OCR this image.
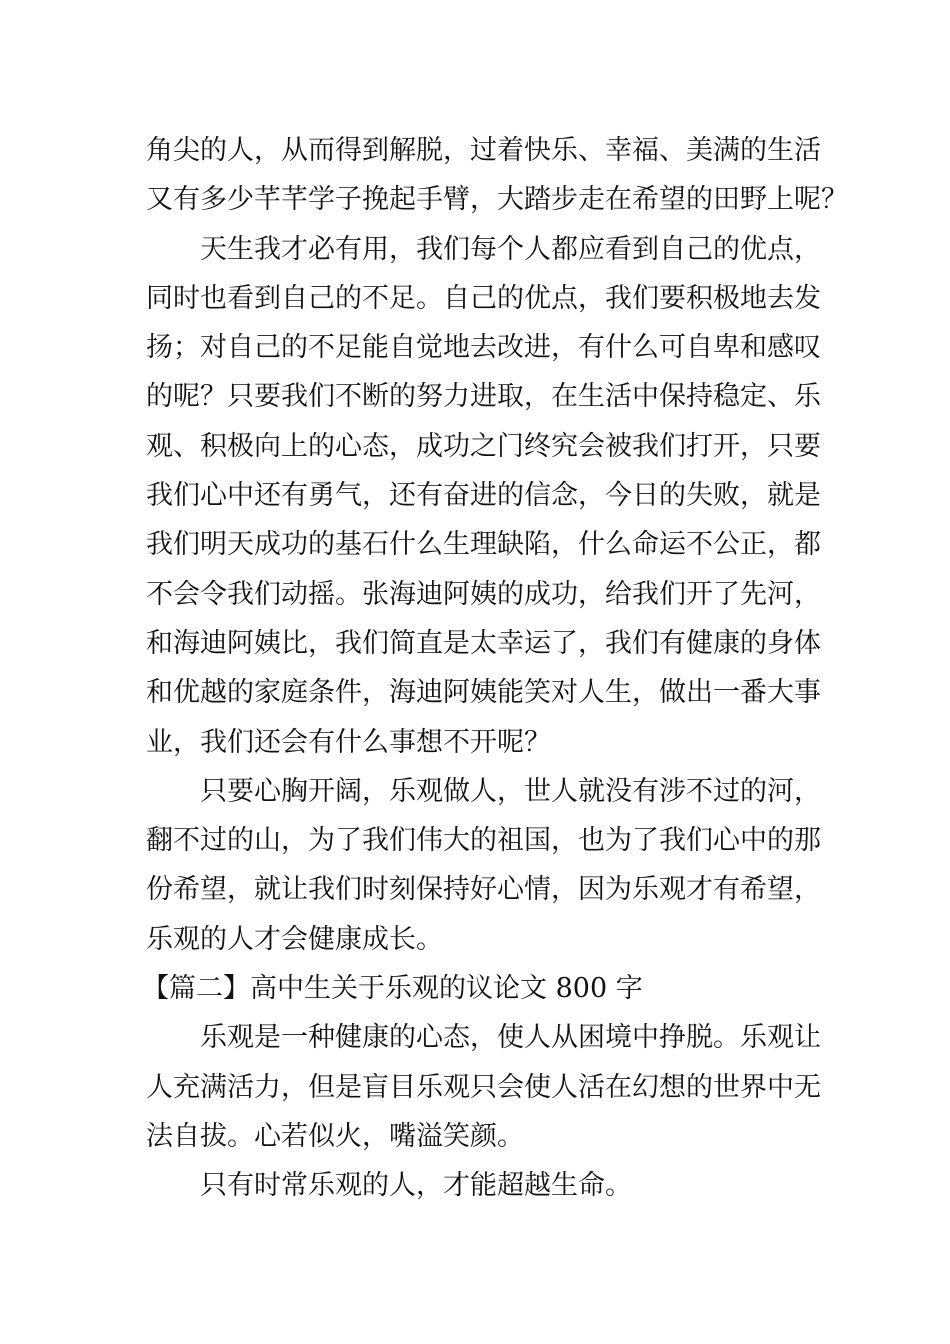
角尖的人，从而得到解脱，过着快乐、幸福、美满的生活
又有多少芊芊学子挽起手臂，大踏步走在希望的田野上呢？
天生我才必有用，我们每个人都应看到自己的优点，
同时也看到自己的不足。自己的优点，我们要积极地去发
扬；对自己的不足能自觉地去改进，有什么可自卑和感叹
的呢？只要我们不断的努力进取，在生活中保持稳定、乐
观、积极向上的心态，成功之门终究会被我们打开，只要
我们心中还有勇气，还有奋进的信念，今日的失败，就是
我们明天成功的基石什么生理缺陷，什么命运不公正，都
不会令我们动摇。张海迪阿姨的成功，给我们开了先河，
和海迪阿姨比，我们简直是太幸运了，我们有健康的身体
和优越的家庭条件，海迪阿姨能笑对人生，做出一番大事
业，我们还会有什么事想不开呢？
只要心胸开阔，乐观做人，世人就没有涉不过的河，
翻不过的山，为了我们伟大的祖国，也为了我们心中的那
份希望，就让我们时刻保持好心情，因为乐观才有希望，
乐观的人才会健康成长。
【篇二】高中生关于乐观的议论文 800 字
乐观是一种健康的心态，使人从困境中挣脱。乐观让
人充满活力，但是盲目乐观只会使人活在幻想的世界中无
法自拔。心若似火，嘴溢笑颜。
只有时常乐观的人，才能超越生命。
